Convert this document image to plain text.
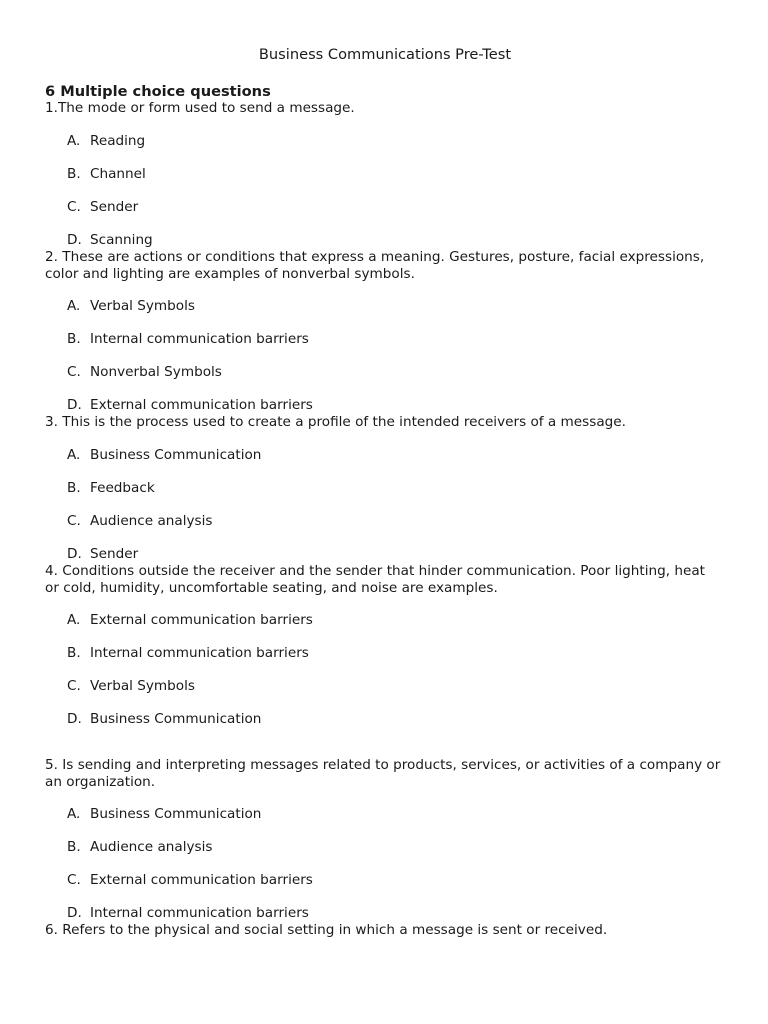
Business Communications Pre-Test
6 Multiple choice questions
1.The mode or form used to send a message.
A. Reading
B. Channel
C. Sender
D. Scanning
2. These are actions or conditions that express a meaning. Gestures, posture, facial expressions, color and lighting are examples of nonverbal symbols.
A. Verbal Symbols
B. Internal communication barriers
C. Nonverbal Symbols
D. External communication barriers
3. This is the process used to create a profile of the intended receivers of a message.
A. Business Communication
B. Feedback
C. Audience analysis
D. Sender
4. Conditions outside the receiver and the sender that hinder communication. Poor lighting, heat or cold, humidity, uncomfortable seating, and noise are examples.
A. External communication barriers
B. Internal communication barriers
C. Verbal Symbols
D. Business Communication
5. Is sending and interpreting messages related to products, services, or activities of a company or an organization.
A. Business Communication
B. Audience analysis
C. External communication barriers
D. Internal communication barriers
6. Refers to the physical and social setting in which a message is sent or received.
